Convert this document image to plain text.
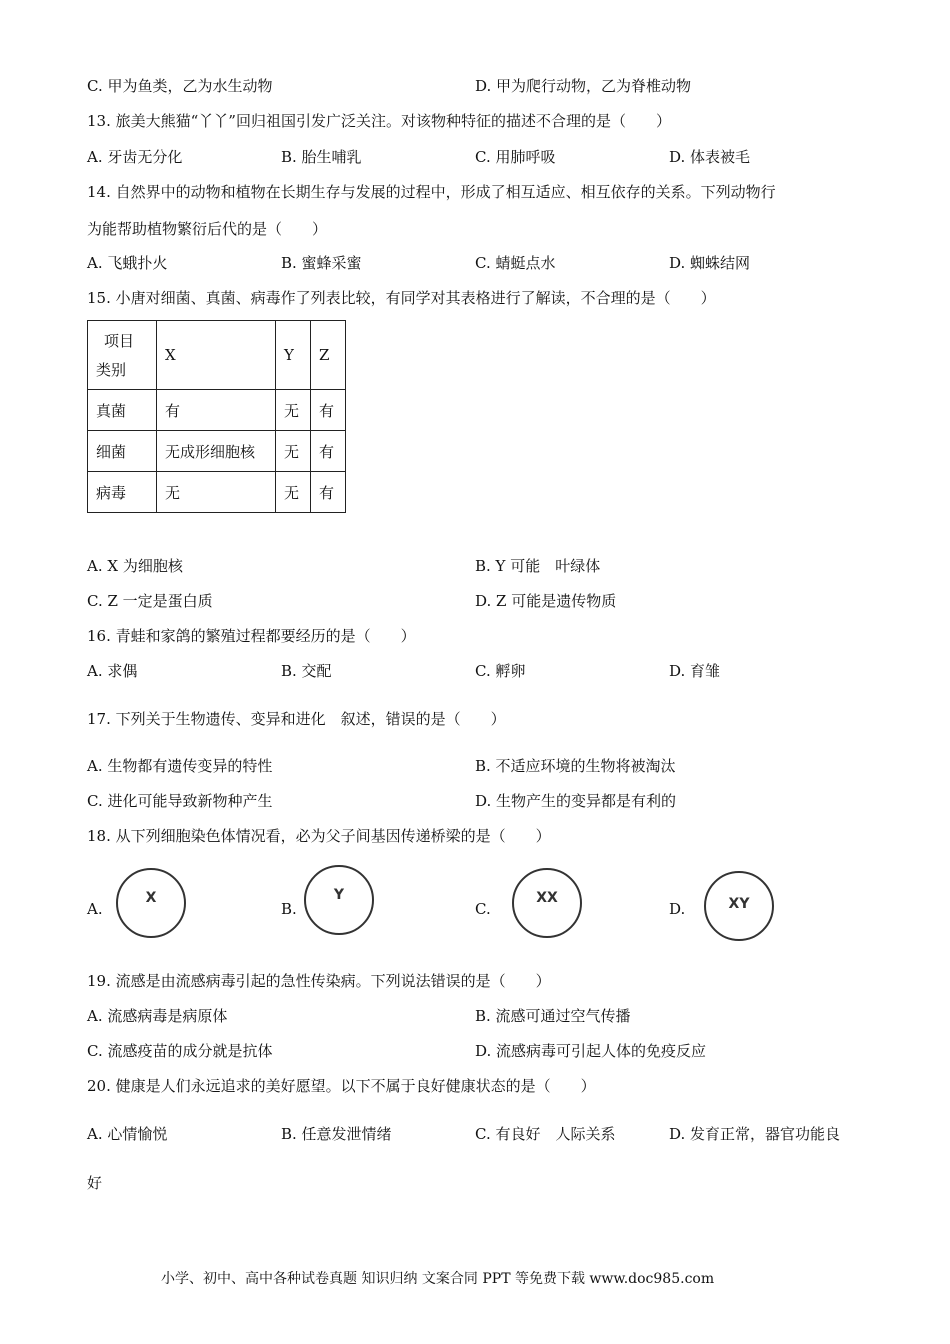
C. 甲为鱼类，乙为水生动物	D. 甲为爬行动物，乙为脊椎动物
13. 旅美大熊猫“丫丫”回归祖国引发广泛关注。对该物种特征的描述不合理的是（　　）
A. 牙齿无分化	B. 胎生哺乳	C. 用肺呼吸	D. 体表被毛
14. 自然界中的动物和植物在长期生存与发展的过程中，形成了相互适应、相互依存的关系。下列动物行
为能帮助植物繁衍后代的是（　　）
A. 飞蛾扑火	B. 蜜蜂采蜜	C. 蜻蜓点水	D. 蜘蛛结网
15. 小唐对细菌、真菌、病毒作了列表比较，有同学对其表格进行了解读，不合理的是（　　）
项目
类别	X	Y	Z
真菌	有	无	有
细菌	无成形细胞核	无	有
病毒	无	无	有
A. X 为细胞核	B. Y 可能　叶绿体
C. Z 一定是蛋白质	D. Z 可能是遗传物质
16. 青蛙和家鸽的繁殖过程都要经历的是（　　）
A. 求偶	B. 交配	C. 孵卵	D. 育雏
17. 下列关于生物遗传、变异和进化　叙述，错误的是（　　）
A. 生物都有遗传变异的特性	B. 不适应环境的生物将被淘汰
C. 进化可能导致新物种产生	D. 生物产生的变异都是有利的
18. 从下列细胞染色体情况看，必为父子间基因传递桥梁的是（　　）
A.
X
B.
Y
C.
XX
D.	XY
19. 流感是由流感病毒引起的急性传染病。下列说法错误的是（　　）
A. 流感病毒是病原体	B. 流感可通过空气传播
C. 流感疫苗的成分就是抗体	D. 流感病毒可引起人体的免疫反应
20. 健康是人们永远追求的美好愿望。以下不属于良好健康状态的是（　　）
A. 心情愉悦	B. 任意发泄情绪	C. 有良好　人际关系	D. 发育正常，器官功能良
好
小学、初中、高中各种试卷真题 知识归纳 文案合同 PPT 等免费下载 www.doc985.com
